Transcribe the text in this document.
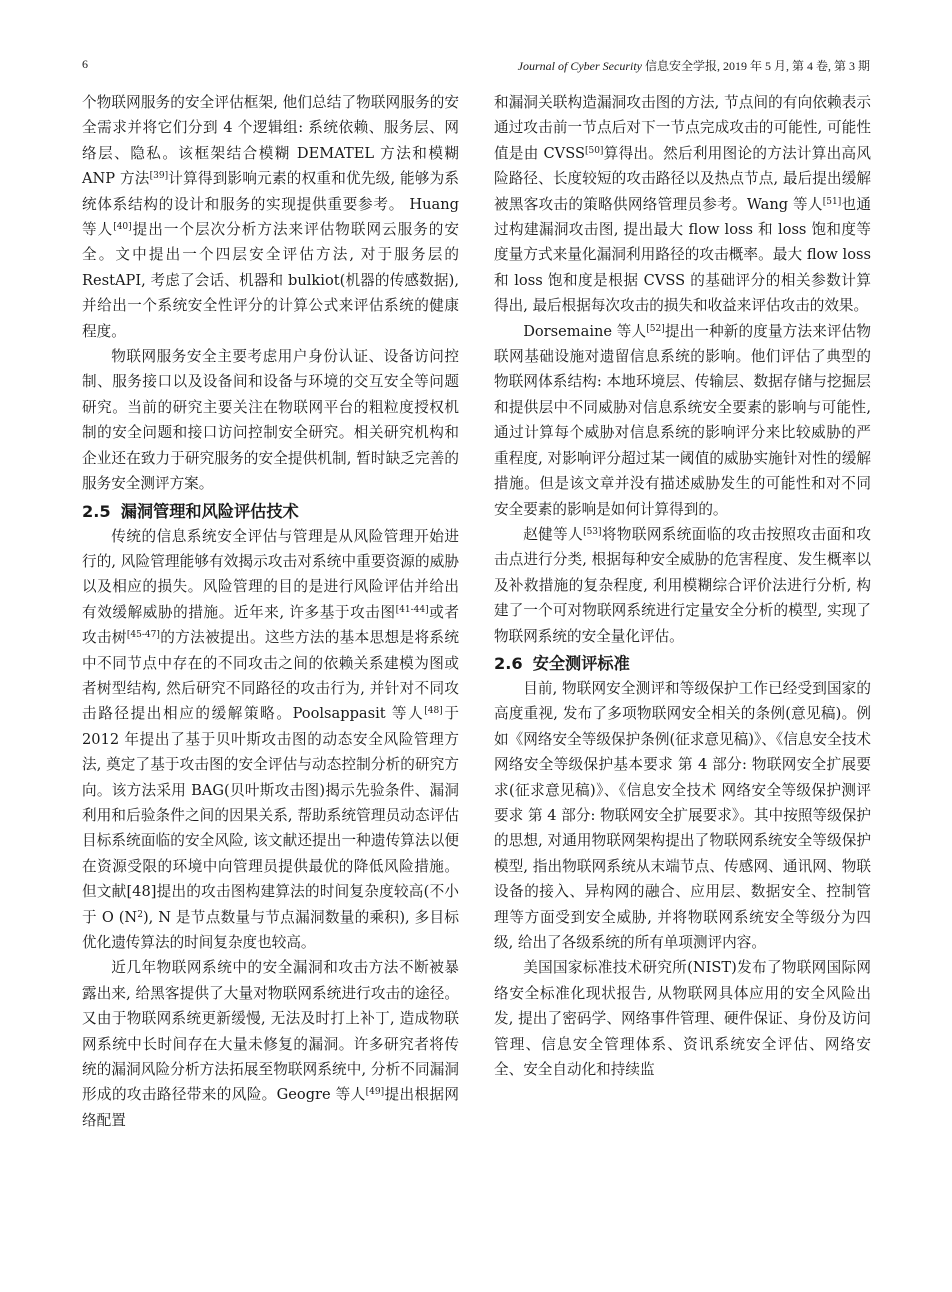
6	Journal of Cyber Security 信息安全学报, 2019 年 5 月, 第 4 卷, 第 3 期

个物联网服务的安全评估框架, 他们总结了物联网服务的安全需求并将它们分到 4 个逻辑组: 系统依赖、服务层、网络层、隐私。该框架结合模糊 DEMATEL 方法和模糊 ANP 方法[39]计算得到影响元素的权重和优先级, 能够为系统体系结构的设计和服务的实现提供重要参考。 Huang 等人[40]提出一个层次分析方法来评估物联网云服务的安全。文中提出一个四层安全评估方法, 对于服务层的 RestAPI, 考虑了会话、机器和 bulkiot(机器的传感数据), 并给出一个系统安全性评分的计算公式来评估系统的健康程度。

物联网服务安全主要考虑用户身份认证、设备访问控制、服务接口以及设备间和设备与环境的交互安全等问题研究。当前的研究主要关注在物联网平台的粗粒度授权机制的安全问题和接口访问控制安全研究。相关研究机构和企业还在致力于研究服务的安全提供机制, 暂时缺乏完善的服务安全测评方案。

2.5 漏洞管理和风险评估技术

传统的信息系统安全评估与管理是从风险管理开始进行的, 风险管理能够有效揭示攻击对系统中重要资源的威胁以及相应的损失。风险管理的目的是进行风险评估并给出有效缓解威胁的措施。近年来, 许多基于攻击图[41-44]或者攻击树[45-47]的方法被提出。这些方法的基本思想是将系统中不同节点中存在的不同攻击之间的依赖关系建模为图或者树型结构, 然后研究不同路径的攻击行为, 并针对不同攻击路径提出相应的缓解策略。Poolsappasit 等人[48]于 2012 年提出了基于贝叶斯攻击图的动态安全风险管理方法, 奠定了基于攻击图的安全评估与动态控制分析的研究方向。该方法采用 BAG(贝叶斯攻击图)揭示先验条件、漏洞利用和后验条件之间的因果关系, 帮助系统管理员动态评估目标系统面临的安全风险, 该文献还提出一种遗传算法以便在资源受限的环境中向管理员提供最优的降低风险措施。但文献[48]提出的攻击图构建算法的时间复杂度较高(不小于 O $(N^2)$, N 是节点数量与节点漏洞数量的乘积), 多目标优化遗传算法的时间复杂度也较高。

近几年物联网系统中的安全漏洞和攻击方法不断被暴露出来, 给黑客提供了大量对物联网系统进行攻击的途径。又由于物联网系统更新缓慢, 无法及时打上补丁, 造成物联网系统中长时间存在大量未修复的漏洞。许多研究者将传统的漏洞风险分析方法拓展至物联网系统中, 分析不同漏洞形成的攻击路径带来的风险。Geogre 等人[49]提出根据网络配置

和漏洞关联构造漏洞攻击图的方法, 节点间的有向依赖表示通过攻击前一节点后对下一节点完成攻击的可能性, 可能性值是由 CVSS[50]算得出。然后利用图论的方法计算出高风险路径、长度较短的攻击路径以及热点节点, 最后提出缓解被黑客攻击的策略供网络管理员参考。Wang 等人[51]也通过构建漏洞攻击图, 提出最大 flow loss 和 loss 饱和度等度量方式来量化漏洞利用路径的攻击概率。最大 flow loss 和 loss 饱和度是根据 CVSS 的基础评分的相关参数计算得出, 最后根据每次攻击的损失和收益来评估攻击的效果。

Dorsemaine 等人[52]提出一种新的度量方法来评估物联网基础设施对遗留信息系统的影响。他们评估了典型的物联网体系结构: 本地环境层、传输层、数据存储与挖掘层和提供层中不同威胁对信息系统安全要素的影响与可能性, 通过计算每个威胁对信息系统的影响评分来比较威胁的严重程度, 对影响评分超过某一阈值的威胁实施针对性的缓解措施。但是该文章并没有描述威胁发生的可能性和对不同安全要素的影响是如何计算得到的。

赵健等人[53]将物联网系统面临的攻击按照攻击面和攻击点进行分类, 根据每种安全威胁的危害程度、发生概率以及补救措施的复杂程度, 利用模糊综合评价法进行分析, 构建了一个可对物联网系统进行定量安全分析的模型, 实现了物联网系统的安全量化评估。

2.6 安全测评标准

目前, 物联网安全测评和等级保护工作已经受到国家的高度重视, 发布了多项物联网安全相关的条例(意见稿)。例如《网络安全等级保护条例(征求意见稿)》、《信息安全技术 网络安全等级保护基本要求 第 4 部分: 物联网安全扩展要求(征求意见稿)》、《信息安全技术 网络安全等级保护测评要求 第 4 部分: 物联网安全扩展要求》。其中按照等级保护的思想, 对通用物联网架构提出了物联网系统安全等级保护模型, 指出物联网系统从末端节点、传感网、通讯网、物联设备的接入、异构网的融合、应用层、数据安全、控制管理等方面受到安全威胁, 并将物联网系统安全等级分为四级, 给出了各级系统的所有单项测评内容。

美国国家标准技术研究所(NIST)发布了物联网国际网络安全标准化现状报告, 从物联网具体应用的安全风险出发, 提出了密码学、网络事件管理、硬件保证、身份及访问管理、信息安全管理体系、资讯系统安全评估、网络安全、安全自动化和持续监
